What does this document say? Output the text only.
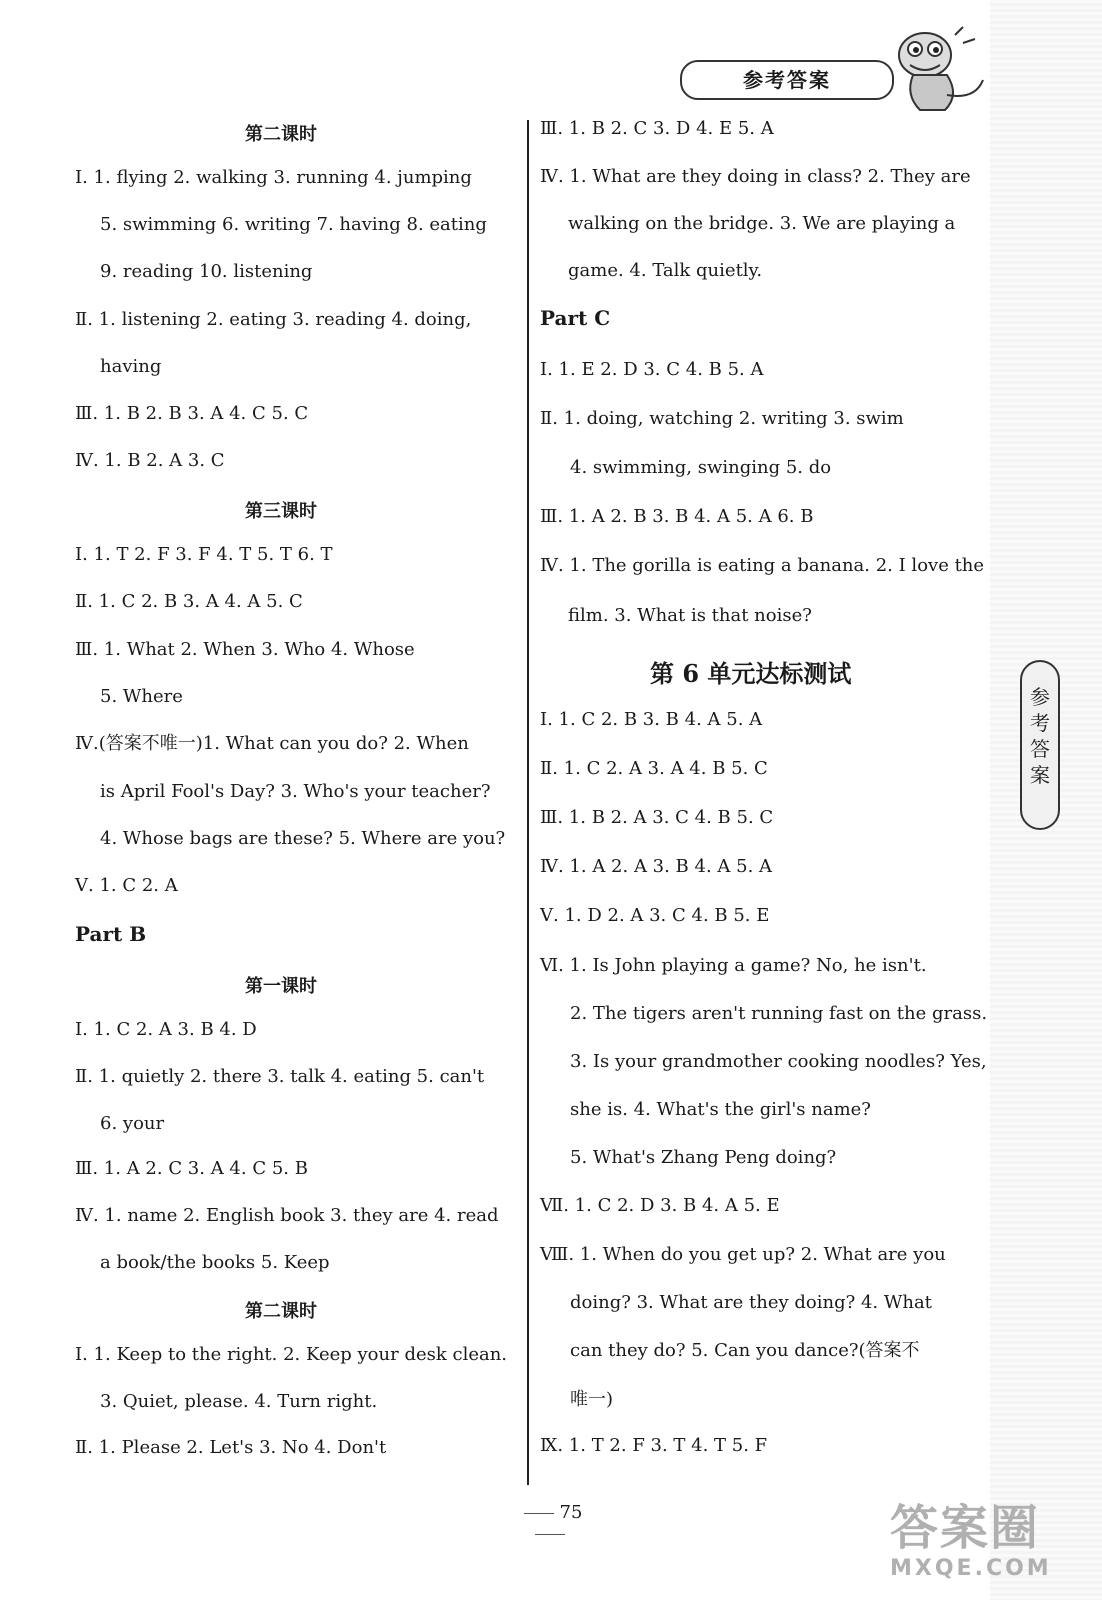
参考答案
参
考
答
案
第二课时
Ⅰ. 1. flying 2. walking 3. running 4. jumping
5. swimming 6. writing 7. having 8. eating
9. reading 10. listening
Ⅱ. 1. listening 2. eating 3. reading 4. doing,
having
Ⅲ. 1. B 2. B 3. A 4. C 5. C
Ⅳ. 1. B 2. A 3. C
第三课时
Ⅰ. 1. T 2. F 3. F 4. T 5. T 6. T
Ⅱ. 1. C 2. B 3. A 4. A 5. C
Ⅲ. 1. What 2. When 3. Who 4. Whose
5. Where
Ⅳ.(答案不唯一)1. What can you do? 2. When
is April Fool's Day? 3. Who's your teacher?
4. Whose bags are these? 5. Where are you?
Ⅴ. 1. C 2. A
Part B
第一课时
Ⅰ. 1. C 2. A 3. B 4. D
Ⅱ. 1. quietly 2. there 3. talk 4. eating 5. can't
6. your
Ⅲ. 1. A 2. C 3. A 4. C 5. B
Ⅳ. 1. name 2. English book 3. they are 4. read
a book/the books 5. Keep
第二课时
Ⅰ. 1. Keep to the right. 2. Keep your desk clean.
3. Quiet, please. 4. Turn right.
Ⅱ. 1. Please 2. Let's 3. No 4. Don't
Ⅲ. 1. B 2. C 3. D 4. E 5. A
Ⅳ. 1. What are they doing in class? 2. They are
walking on the bridge. 3. We are playing a
game. 4. Talk quietly.
Part C
Ⅰ. 1. E 2. D 3. C 4. B 5. A
Ⅱ. 1. doing, watching 2. writing 3. swim
4. swimming, swinging 5. do
Ⅲ. 1. A 2. B 3. B 4. A 5. A 6. B
Ⅳ. 1. The gorilla is eating a banana. 2. I love the
film. 3. What is that noise?
第 6 单元达标测试
Ⅰ. 1. C 2. B 3. B 4. A 5. A
Ⅱ. 1. C 2. A 3. A 4. B 5. C
Ⅲ. 1. B 2. A 3. C 4. B 5. C
Ⅳ. 1. A 2. A 3. B 4. A 5. A
Ⅴ. 1. D 2. A 3. C 4. B 5. E
Ⅵ. 1. Is John playing a game? No, he isn't.
2. The tigers aren't running fast on the grass.
3. Is your grandmother cooking noodles? Yes,
she is. 4. What's the girl's name?
5. What's Zhang Peng doing?
Ⅶ. 1. C 2. D 3. B 4. A 5. E
Ⅷ. 1. When do you get up? 2. What are you
doing? 3. What are they doing? 4. What
can they do? 5. Can you dance?(答案不
唯一)
Ⅸ. 1. T 2. F 3. T 4. T 5. F
75	答案圈
MXQE.COM
